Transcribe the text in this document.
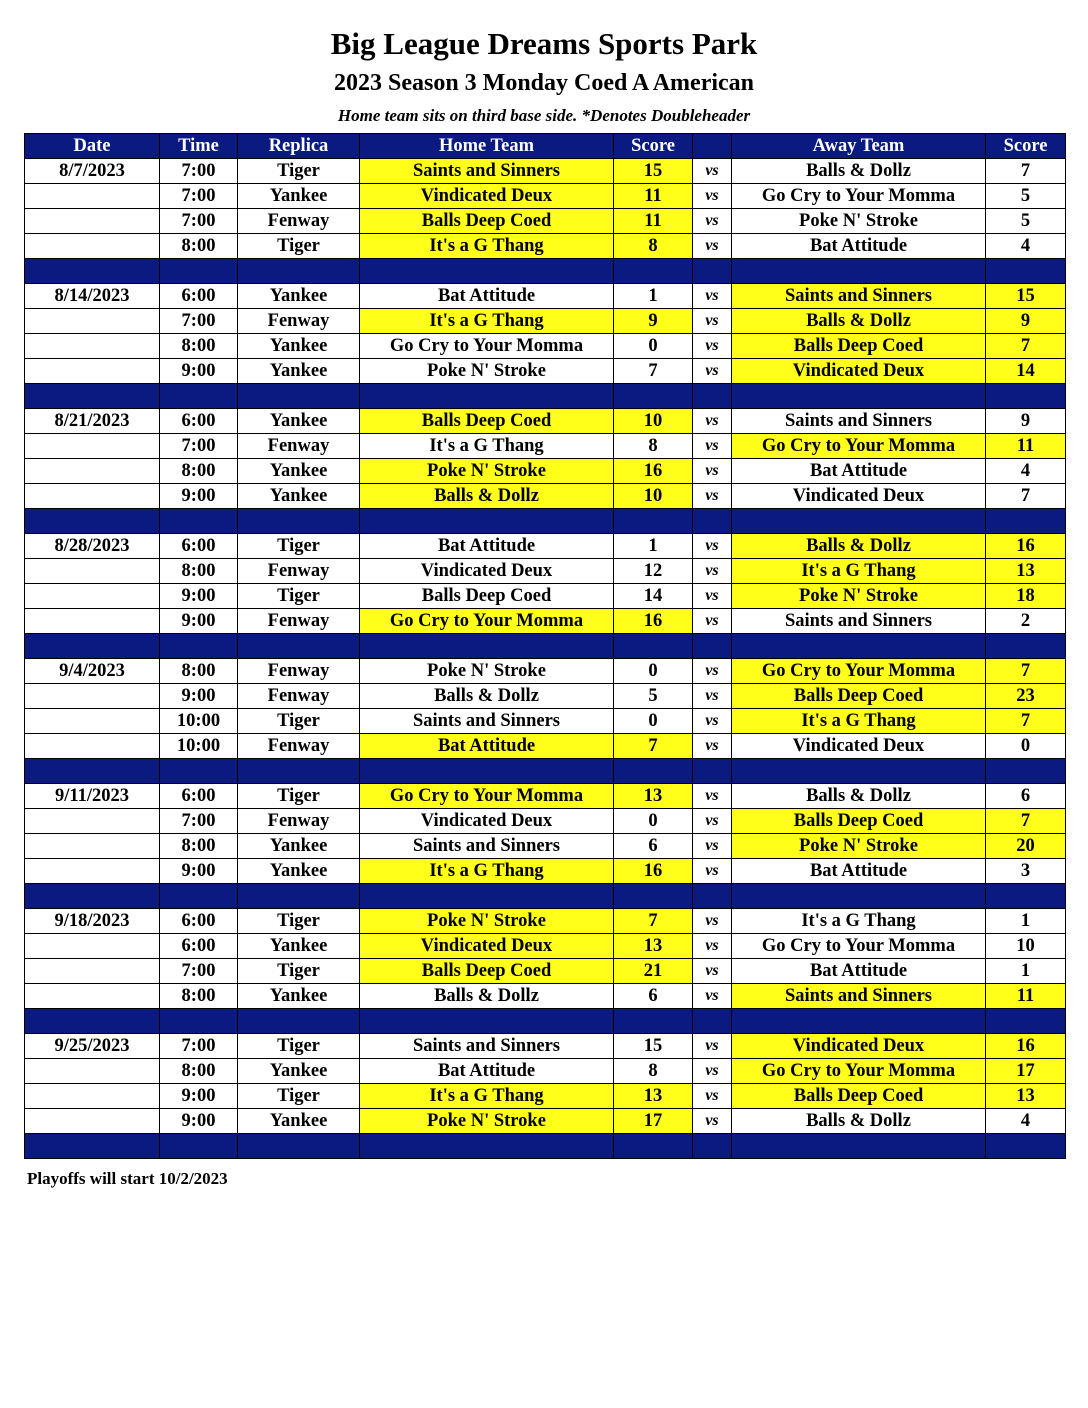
Big League Dreams Sports Park
2023 Season 3 Monday Coed A American
Home team sits on third base side. *Denotes Doubleheader
Date	Time	Replica	Home Team	Score		Away Team	Score
8/7/2023	7:00	Tiger	Saints and Sinners	15	vs	Balls & Dollz	7
	7:00	Yankee	Vindicated Deux	11	vs	Go Cry to Your Momma	5
	7:00	Fenway	Balls Deep Coed	11	vs	Poke N' Stroke	5
	8:00	Tiger	It's a G Thang	8	vs	Bat Attitude	4

8/14/2023	6:00	Yankee	Bat Attitude	1	vs	Saints and Sinners	15
	7:00	Fenway	It's a G Thang	9	vs	Balls & Dollz	9
	8:00	Yankee	Go Cry to Your Momma	0	vs	Balls Deep Coed	7
	9:00	Yankee	Poke N' Stroke	7	vs	Vindicated Deux	14

8/21/2023	6:00	Yankee	Balls Deep Coed	10	vs	Saints and Sinners	9
	7:00	Fenway	It's a G Thang	8	vs	Go Cry to Your Momma	11
	8:00	Yankee	Poke N' Stroke	16	vs	Bat Attitude	4
	9:00	Yankee	Balls & Dollz	10	vs	Vindicated Deux	7

8/28/2023	6:00	Tiger	Bat Attitude	1	vs	Balls & Dollz	16
	8:00	Fenway	Vindicated Deux	12	vs	It's a G Thang	13
	9:00	Tiger	Balls Deep Coed	14	vs	Poke N' Stroke	18
	9:00	Fenway	Go Cry to Your Momma	16	vs	Saints and Sinners	2

9/4/2023	8:00	Fenway	Poke N' Stroke	0	vs	Go Cry to Your Momma	7
	9:00	Fenway	Balls & Dollz	5	vs	Balls Deep Coed	23
	10:00	Tiger	Saints and Sinners	0	vs	It's a G Thang	7
	10:00	Fenway	Bat Attitude	7	vs	Vindicated Deux	0

9/11/2023	6:00	Tiger	Go Cry to Your Momma	13	vs	Balls & Dollz	6
	7:00	Fenway	Vindicated Deux	0	vs	Balls Deep Coed	7
	8:00	Yankee	Saints and Sinners	6	vs	Poke N' Stroke	20
	9:00	Yankee	It's a G Thang	16	vs	Bat Attitude	3

9/18/2023	6:00	Tiger	Poke N' Stroke	7	vs	It's a G Thang	1
	6:00	Yankee	Vindicated Deux	13	vs	Go Cry to Your Momma	10
	7:00	Tiger	Balls Deep Coed	21	vs	Bat Attitude	1
	8:00	Yankee	Balls & Dollz	6	vs	Saints and Sinners	11

9/25/2023	7:00	Tiger	Saints and Sinners	15	vs	Vindicated Deux	16
	8:00	Yankee	Bat Attitude	8	vs	Go Cry to Your Momma	17
	9:00	Tiger	It's a G Thang	13	vs	Balls Deep Coed	13
	9:00	Yankee	Poke N' Stroke	17	vs	Balls & Dollz	4

Playoffs will start 10/2/2023
